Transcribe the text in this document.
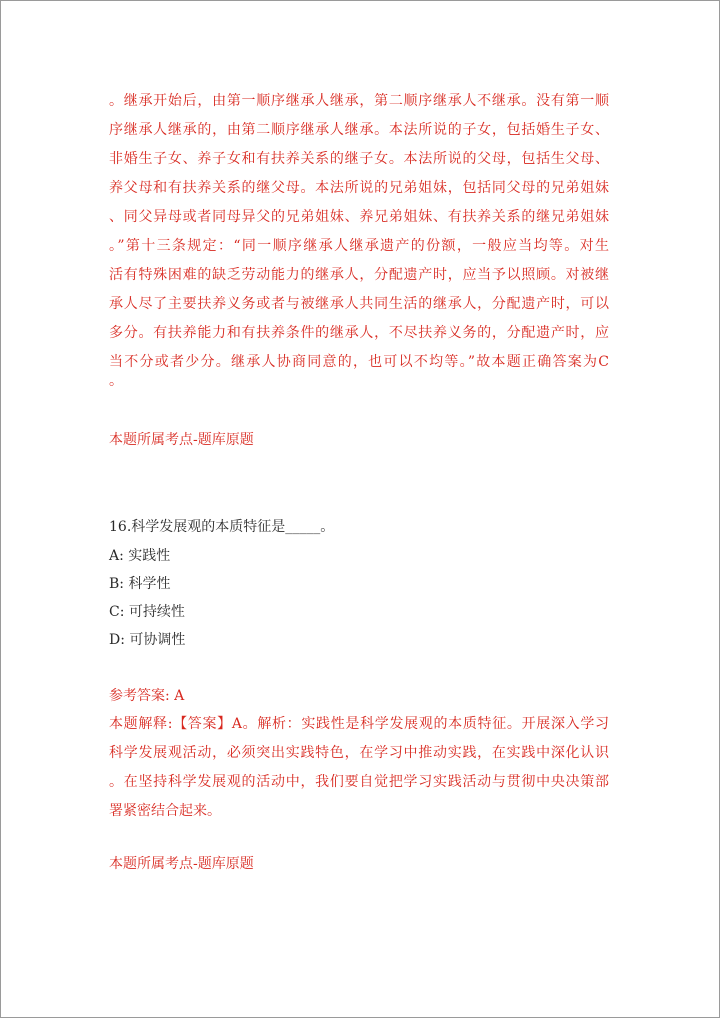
。继承开始后，由第一顺序继承人继承，第二顺序继承人不继承。没有第一顺
序继承人继承的，由第二顺序继承人继承。本法所说的子女，包括婚生子女、
非婚生子女、养子女和有扶养关系的继子女。本法所说的父母，包括生父母、
养父母和有扶养关系的继父母。本法所说的兄弟姐妹，包括同父母的兄弟姐妹
、同父异母或者同母异父的兄弟姐妹、养兄弟姐妹、有扶养关系的继兄弟姐妹
。”第十三条规定：“同一顺序继承人继承遗产的份额，一般应当均等。对生
活有特殊困难的缺乏劳动能力的继承人，分配遗产时，应当予以照顾。对被继
承人尽了主要扶养义务或者与被继承人共同生活的继承人，分配遗产时，可以
多分。有扶养能力和有扶养条件的继承人，不尽扶养义务的，分配遗产时，应
当不分或者少分。继承人协商同意的，也可以不均等。”故本题正确答案为C
。
本题所属考点-题库原题
16.科学发展观的本质特征是_____。
A: 实践性
B: 科学性
C: 可持续性
D: 可协调性
参考答案: A
本题解释:【答案】A。解析：实践性是科学发展观的本质特征。开展深入学习
科学发展观活动，必须突出实践特色，在学习中推动实践，在实践中深化认识
。在坚持科学发展观的活动中，我们要自觉把学习实践活动与贯彻中央决策部
署紧密结合起来。
本题所属考点-题库原题
